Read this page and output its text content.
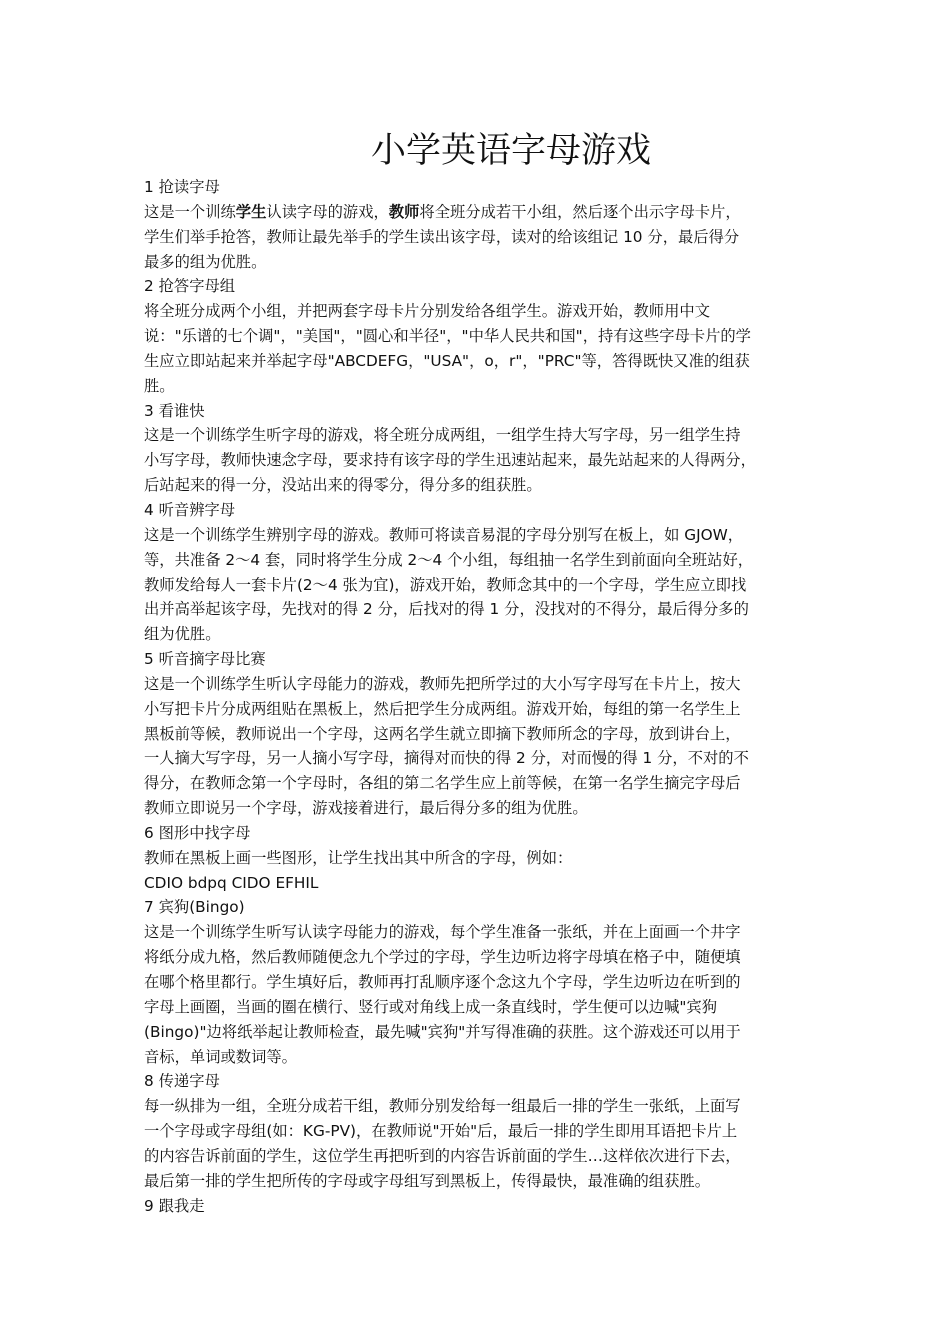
小学英语字母游戏
1 抢读字母
这是一个训练学生认读字母的游戏，教师将全班分成若干小组，然后逐个出示字母卡片，
学生们举手抢答，教师让最先举手的学生读出该字母，读对的给该组记 10 分，最后得分
最多的组为优胜。
2 抢答字母组
将全班分成两个小组，并把两套字母卡片分别发给各组学生。游戏开始，教师用中文
说："乐谱的七个调"，"美国"，"圆心和半径"，"中华人民共和国"，持有这些字母卡片的学
生应立即站起来并举起字母"ABCDEFG，"USA"，o，r"，"PRC"等，答得既快又准的组获
胜。
3 看谁快
这是一个训练学生听字母的游戏，将全班分成两组，一组学生持大写字母，另一组学生持
小写字母，教师快速念字母，要求持有该字母的学生迅速站起来，最先站起来的人得两分，
后站起来的得一分，没站出来的得零分，得分多的组获胜。
4 听音辨字母
这是一个训练学生辨别字母的游戏。教师可将读音易混的字母分别写在板上，如 GJOW，
等，共准备 2～4 套，同时将学生分成 2～4 个小组，每组抽一名学生到前面向全班站好，
教师发给每人一套卡片(2～4 张为宜)，游戏开始，教师念其中的一个字母，学生应立即找
出并高举起该字母，先找对的得 2 分，后找对的得 1 分，没找对的不得分，最后得分多的
组为优胜。
5 听音摘字母比赛
这是一个训练学生听认字母能力的游戏，教师先把所学过的大小写字母写在卡片上，按大
小写把卡片分成两组贴在黑板上，然后把学生分成两组。游戏开始，每组的第一名学生上
黑板前等候，教师说出一个字母，这两名学生就立即摘下教师所念的字母，放到讲台上，
一人摘大写字母，另一人摘小写字母，摘得对而快的得 2 分，对而慢的得 1 分，不对的不
得分，在教师念第一个字母时，各组的第二名学生应上前等候，在第一名学生摘完字母后
教师立即说另一个字母，游戏接着进行，最后得分多的组为优胜。
6 图形中找字母
教师在黑板上画一些图形，让学生找出其中所含的字母，例如：
CDIO bdpq CIDO EFHIL
7 宾狗(Bingo)
这是一个训练学生听写认读字母能力的游戏，每个学生准备一张纸，并在上面画一个井字
将纸分成九格，然后教师随便念九个学过的字母，学生边听边将字母填在格子中，随便填
在哪个格里都行。学生填好后，教师再打乱顺序逐个念这九个字母，学生边听边在听到的
字母上画圈，当画的圈在横行、竖行或对角线上成一条直线时，学生便可以边喊"宾狗
(Bingo)"边将纸举起让教师检查，最先喊"宾狗"并写得准确的获胜。这个游戏还可以用于
音标，单词或数词等。
8 传递字母
每一纵排为一组，全班分成若干组，教师分别发给每一组最后一排的学生一张纸，上面写
一个字母或字母组(如：KG-PV)，在教师说"开始"后，最后一排的学生即用耳语把卡片上
的内容告诉前面的学生，这位学生再把听到的内容告诉前面的学生…这样依次进行下去，
最后第一排的学生把所传的字母或字母组写到黑板上，传得最快，最准确的组获胜。
9 跟我走
